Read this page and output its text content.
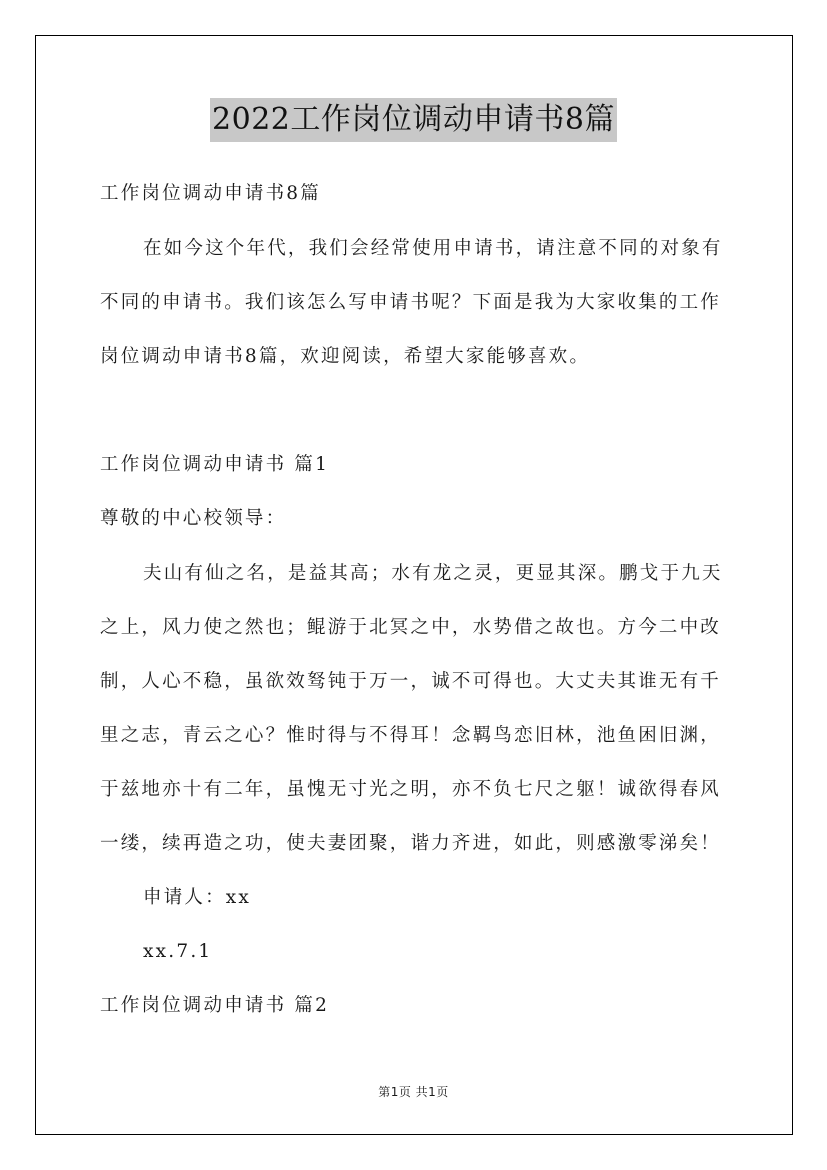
2022工作岗位调动申请书8篇
工作岗位调动申请书8篇
在如今这个年代，我们会经常使用申请书，请注意不同的对象有
不同的申请书。我们该怎么写申请书呢？下面是我为大家收集的工作
岗位调动申请书8篇，欢迎阅读，希望大家能够喜欢。
工作岗位调动申请书 篇1
尊敬的中心校领导：
夫山有仙之名，是益其高；水有龙之灵，更显其深。鹏戈于九天
之上，风力使之然也；鲲游于北冥之中，水势借之故也。方今二中改
制，人心不稳，虽欲效驽钝于万一，诚不可得也。大丈夫其谁无有千
里之志，青云之心？惟时得与不得耳！念羁鸟恋旧林，池鱼困旧渊，
于兹地亦十有二年，虽愧无寸光之明，亦不负七尺之躯！诚欲得春风
一缕，续再造之功，使夫妻团聚，谐力齐进，如此，则感激零涕矣！
申请人：xx
xx.7.1
工作岗位调动申请书 篇2
第1页 共1页
